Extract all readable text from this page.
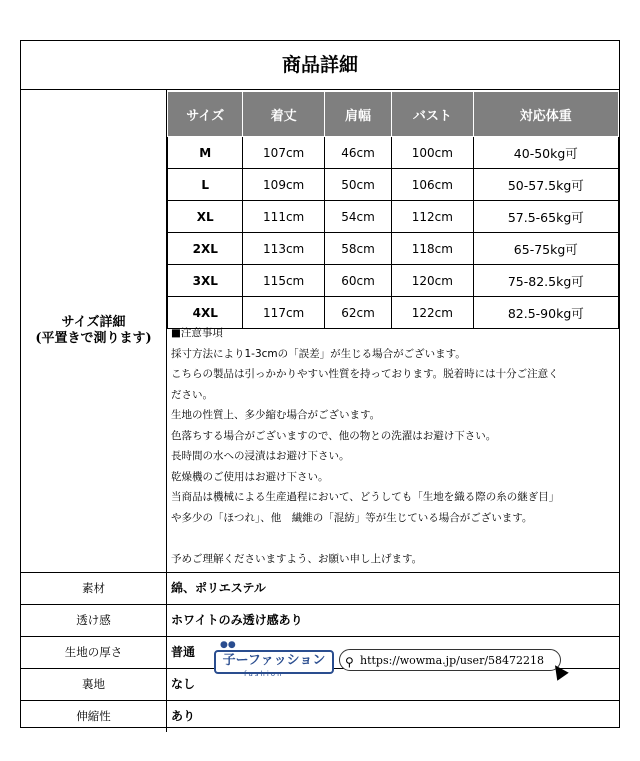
商品詳細
サイズ詳細
(平置きで測ります)
サイズ	着丈	肩幅	バスト	対応体重
M	107cm	46cm	100cm	40-50kg可
L	109cm	50cm	106cm	50-57.5kg可
XL	111cm	54cm	112cm	57.5-65kg可
2XL	113cm	58cm	118cm	65-75kg可
3XL	115cm	60cm	120cm	75-82.5kg可
4XL	117cm	62cm	122cm	82.5-90kg可
■注意事項
採寸方法により1-3cmの「誤差」が生じる場合がございます。
こちらの製品は引っかかりやすい性質を持っております。脱着時には十分ご注意く
ださい。
生地の性質上、多少縮む場合がございます。
色落ちする場合がございますので、他の物との洗濯はお避け下さい。
長時間の水への浸漬はお避け下さい。
乾燥機のご使用はお避け下さい。
当商品は機械による生産過程において、どうしても「生地を織る際の糸の継ぎ目」
や多少の「ほつれ」、他　繊維の「混紡」等が生じている場合がございます。

予めご理解くださいますよう、お願い申し上げます。
素材	綿、ポリエステル
透け感	ホワイトのみ透け感あり
生地の厚さ	普通
裏地	なし
伸縮性	あり
●●
子ーファッション
fashion
⚲ https://wowma.jp/user/58472218
